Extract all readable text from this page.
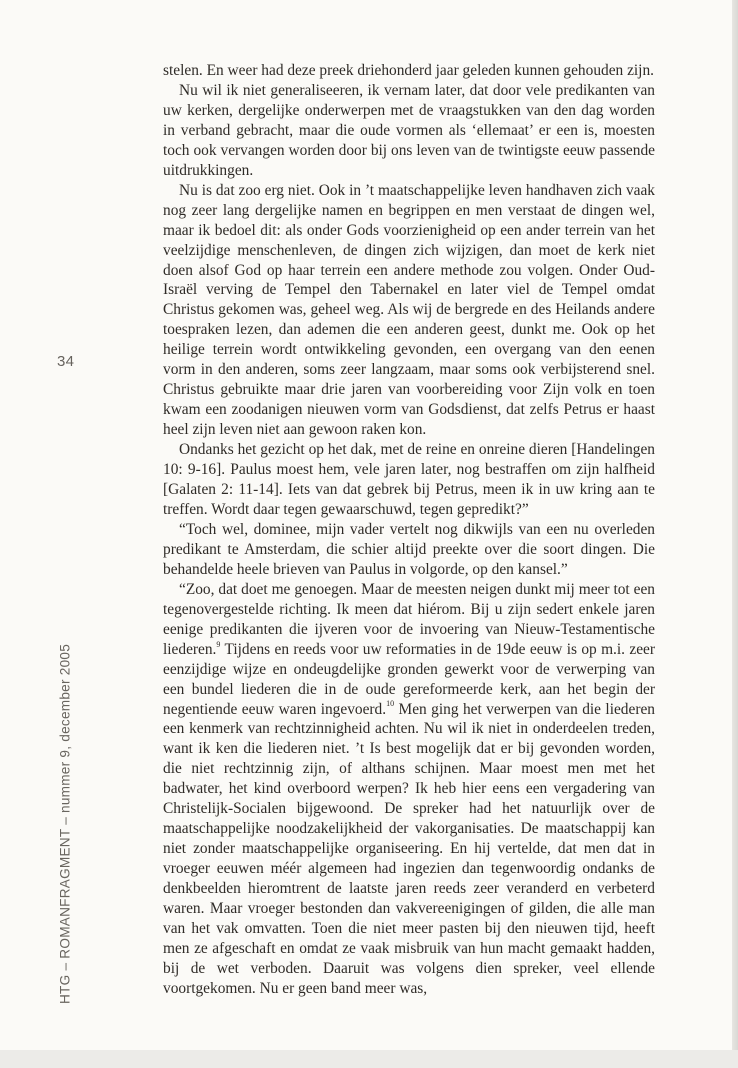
34
HTG – ROMANFRAGMENT – nummer 9, december 2005

stelen. En weer had deze preek driehonderd jaar geleden kunnen gehouden zijn.

Nu wil ik niet generaliseeren, ik vernam later, dat door vele predikanten van uw kerken, dergelijke onderwerpen met de vraagstukken van den dag worden in verband gebracht, maar die oude vormen als ‘ellemaat’ er een is, moesten toch ook vervangen worden door bij ons leven van de twintigste eeuw passende uitdrukkingen.

Nu is dat zoo erg niet. Ook in ’t maatschappelijke leven handhaven zich vaak nog zeer lang dergelijke namen en begrippen en men verstaat de dingen wel, maar ik bedoel dit: als onder Gods voorzienigheid op een ander terrein van het veelzijdige menschenleven, de dingen zich wijzigen, dan moet de kerk niet doen alsof God op haar terrein een andere methode zou volgen. Onder Oud-Israël verving de Tempel den Tabernakel en later viel de Tempel omdat Christus gekomen was, geheel weg. Als wij de bergrede en des Heilands andere toespraken lezen, dan ademen die een anderen geest, dunkt me. Ook op het heilige terrein wordt ontwikkeling gevonden, een overgang van den eenen vorm in den anderen, soms zeer langzaam, maar soms ook verbijsterend snel. Christus gebruikte maar drie jaren van voorbereiding voor Zijn volk en toen kwam een zoodanigen nieuwen vorm van Godsdienst, dat zelfs Petrus er haast heel zijn leven niet aan gewoon raken kon.

Ondanks het gezicht op het dak, met de reine en onreine dieren [Handelingen 10: 9-16]. Paulus moest hem, vele jaren later, nog bestraffen om zijn halfheid [Galaten 2: 11-14]. Iets van dat gebrek bij Petrus, meen ik in uw kring aan te treffen. Wordt daar tegen gewaarschuwd, tegen gepredikt?”

“Toch wel, dominee, mijn vader vertelt nog dikwijls van een nu overleden predikant te Amsterdam, die schier altijd preekte over die soort dingen. Die behandelde heele brieven van Paulus in volgorde, op den kansel.”

“Zoo, dat doet me genoegen. Maar de meesten neigen dunkt mij meer tot een tegenovergestelde richting. Ik meen dat hiérom. Bij u zijn sedert enkele jaren eenige predikanten die ijveren voor de invoering van Nieuw-Testamentische liederen.$^9$ Tijdens en reeds voor uw reformaties in de 19de eeuw is op m.i. zeer eenzijdige wijze en ondeugdelijke gronden gewerkt voor de verwerping van een bundel liederen die in de oude gereformeerde kerk, aan het begin der negentiende eeuw waren ingevoerd.$^{10}$ Men ging het verwerpen van die liederen een kenmerk van rechtzinnigheid achten. Nu wil ik niet in onderdeelen treden, want ik ken die liederen niet. ’t Is best mogelijk dat er bij gevonden worden, die niet rechtzinnig zijn, of althans schijnen. Maar moest men met het badwater, het kind overboord werpen? Ik heb hier eens een vergadering van Christelijk-Socialen bijgewoond. De spreker had het natuurlijk over de maatschappelijke noodzakelijkheid der vakorganisaties. De maatschappij kan niet zonder maatschappelijke organiseering. En hij vertelde, dat men dat in vroeger eeuwen méér algemeen had ingezien dan tegenwoordig ondanks de denkbeelden hieromtrent de laatste jaren reeds zeer veranderd en verbeterd waren. Maar vroeger bestonden dan vakvereenigingen of gilden, die alle man van het vak omvatten. Toen die niet meer pasten bij den nieuwen tijd, heeft men ze afgeschaft en omdat ze vaak misbruik van hun macht gemaakt hadden, bij de wet verboden. Daaruit was volgens dien spreker, veel ellende voortgekomen. Nu er geen band meer was,
